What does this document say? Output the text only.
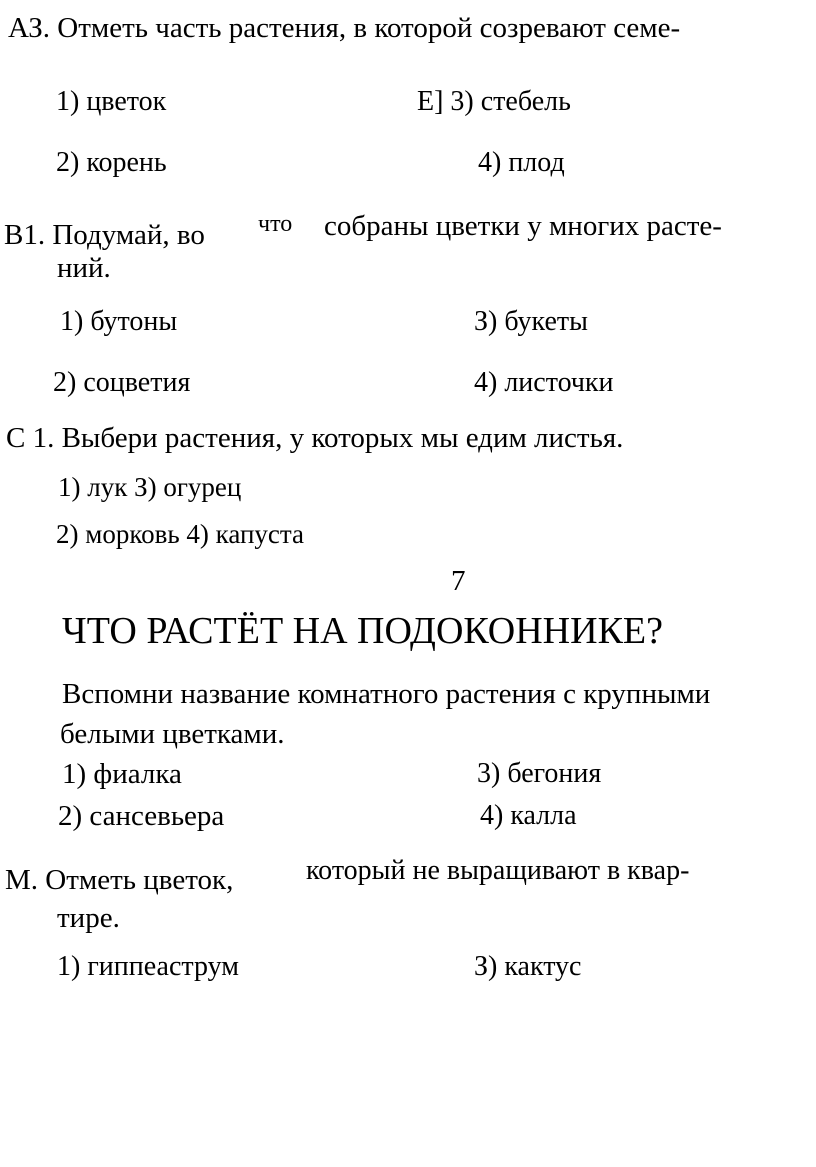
АЗ. Отметь часть растения, в которой созревают семе-
1) цветок	Е] 3) стебель
2) корень	4) плод
В1. Подумай, во что собраны цветки у многих расте-
ний.
1) бутоны	З) букеты
2) соцветия	4) листочки
С 1. Выбери растения, у которых мы едим листья.
1) лук З) огурец
2) морковь 4) капуста
7
ЧТО РАСТЁТ НА ПОДОКОННИКЕ?
Вспомни название комнатного растения с крупными
белыми цветками.
1) фиалка	3) бегония
2) сансевьера	4) калла
М. Отметь цветок,	который не выращивают в квар-
тире.
1) гиппеаструм	З) кактус
